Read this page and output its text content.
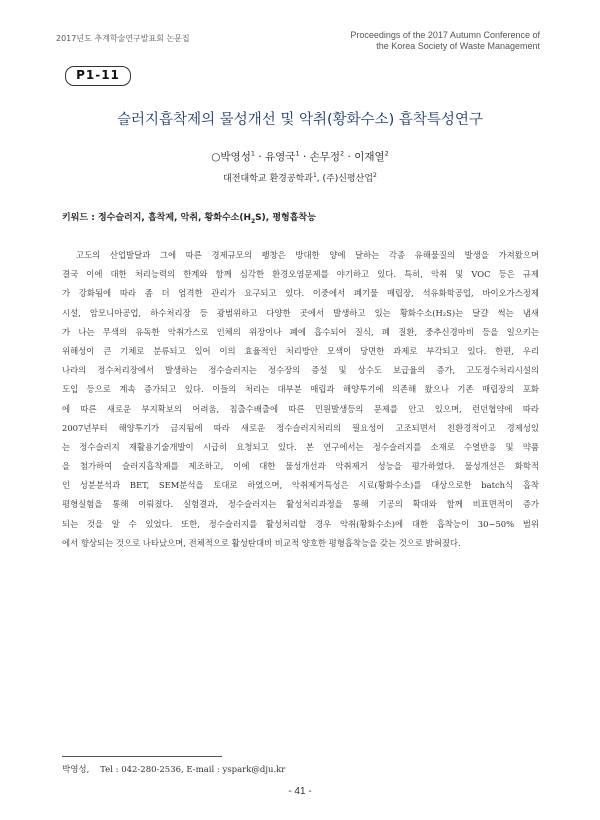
2017년도 추계학술연구발표회 논문집	Proceedings of the 2017 Autumn Conference of
the Korea Society of Waste Management
P1-11
슬러지흡착제의 물성개선 및 악취(황화수소) 흡착특성연구
○박영성$^1$ · 유영국$^1$ · 손무정$^2$ · 이재열$^2$
대전대학교 환경공학과$^1$, (주)신평산업$^2$
키워드 : 정수슬러지, 흡착제, 악취, 황화수소$(H_2S)$, 평형흡착능
고도의 산업발달과 그에 따른 경제규모의 팽창은 방대한 양에 달하는 각종 유해물질의 발생을 가져왔으며
결국 이에 대한 처리능력의 한계와 함께 심각한 환경오염문제를 야기하고 있다. 특히, 악취 및 VOC 등은 규제
가 강화됨에 따라 좀 더 엄격한 관리가 요구되고 있다. 이중에서 폐기물 매립장, 석유화학공업, 바이오가스정제
시설, 암모니아공업, 하수처리장 등 광범위하고 다양한 곳에서 발생하고 있는 황화수소(H₂S)는 달걀 썩는 냄새
가 나는 무색의 유독한 악취가스로 인체의 위장이나 폐에 흡수되어 질식, 폐 질환, 중추신경마비 등을 일으키는
위해성이 큰 기체로 분류되고 있어 이의 효율적인 처리방안 모색이 당면한 과제로 부각되고 있다. 한편, 우리
나라의 정수처리장에서 발생하는 정수슬러지는 정수장의 증설 및 상수도 보급율의 증가, 고도정수처리시설의
도입 등으로 계속 증가되고 있다. 이들의 처리는 대부분 매립과 해양투기에 의존해 왔으나 기존 매립장의 포화
에 따른 새로운 부지확보의 어려움, 침출수배출에 따른 민원발생등의 문제를 안고 있으며, 런던협약에 따라
2007년부터 해양투기가 금지됨에 따라 새로운 정수슬러지처리의 필요성이 고조되면서 친환경적이고 경제성있
는 정수슬러지 재활용기술개발이 시급히 요청되고 있다. 본 연구에서는 정수슬러지를 소재로 수열반응 및 약품
을 첨가하여 슬러지흡착제를 제조하고, 이에 대한 물성개선과 악취제거 성능을 평가하였다. 물성개선은 화학적
인 성분분석과 BET, SEM분석을 토대로 하였으며, 악취제거특성은 시료(황화수소)를 대상으로한 batch식 흡착
평형실험을 통해 이뤄졌다. 실험결과, 정수슬러지는 활성처리과정을 통해 기공의 확대와 함께 비표면적이 증가
되는 것을 알 수 있었다. 또한, 정수슬러지를 활성처리할 경우 악취(황화수소)에 대한 흡착능이 30~50% 범위
에서 향상되는 것으로 나타났으며, 전체적으로 활성탄대비 비교적 양호한 평형흡착능을 갖는 것으로 밝혀졌다.
박영성, Tel : 042-280-2536, E-mail : yspark@dju.kr
- 41 -
